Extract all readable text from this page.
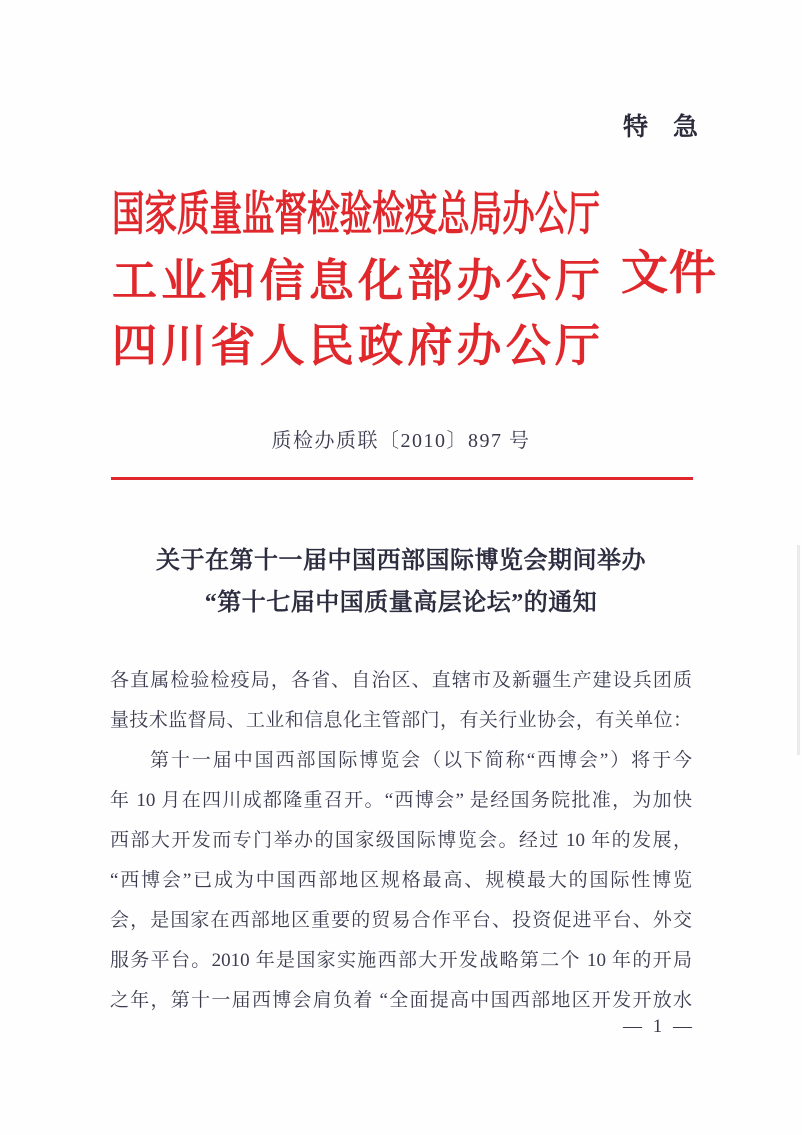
特　急
国家质量监督检验检疫总局办公厅
工业和信息化部办公厅
四川省人民政府办公厅
文件
质检办质联〔2010〕897 号
关于在第十一届中国西部国际博览会期间举办
“第十七届中国质量高层论坛”的通知
各直属检验检疫局，各省、自治区、直辖市及新疆生产建设兵团质
量技术监督局、工业和信息化主管部门，有关行业协会，有关单位：
第十一届中国西部国际博览会（以下简称“西博会”）将于今
年 10 月在四川成都隆重召开。“西博会” 是经国务院批准，为加快
西部大开发而专门举办的国家级国际博览会。经过 10 年的发展，
“西博会”已成为中国西部地区规格最高、规模最大的国际性博览
会，是国家在西部地区重要的贸易合作平台、投资促进平台、外交
服务平台。2010 年是国家实施西部大开发战略第二个 10 年的开局
之年，第十一届西博会肩负着 “全面提高中国西部地区开发开放水
— 1 —
